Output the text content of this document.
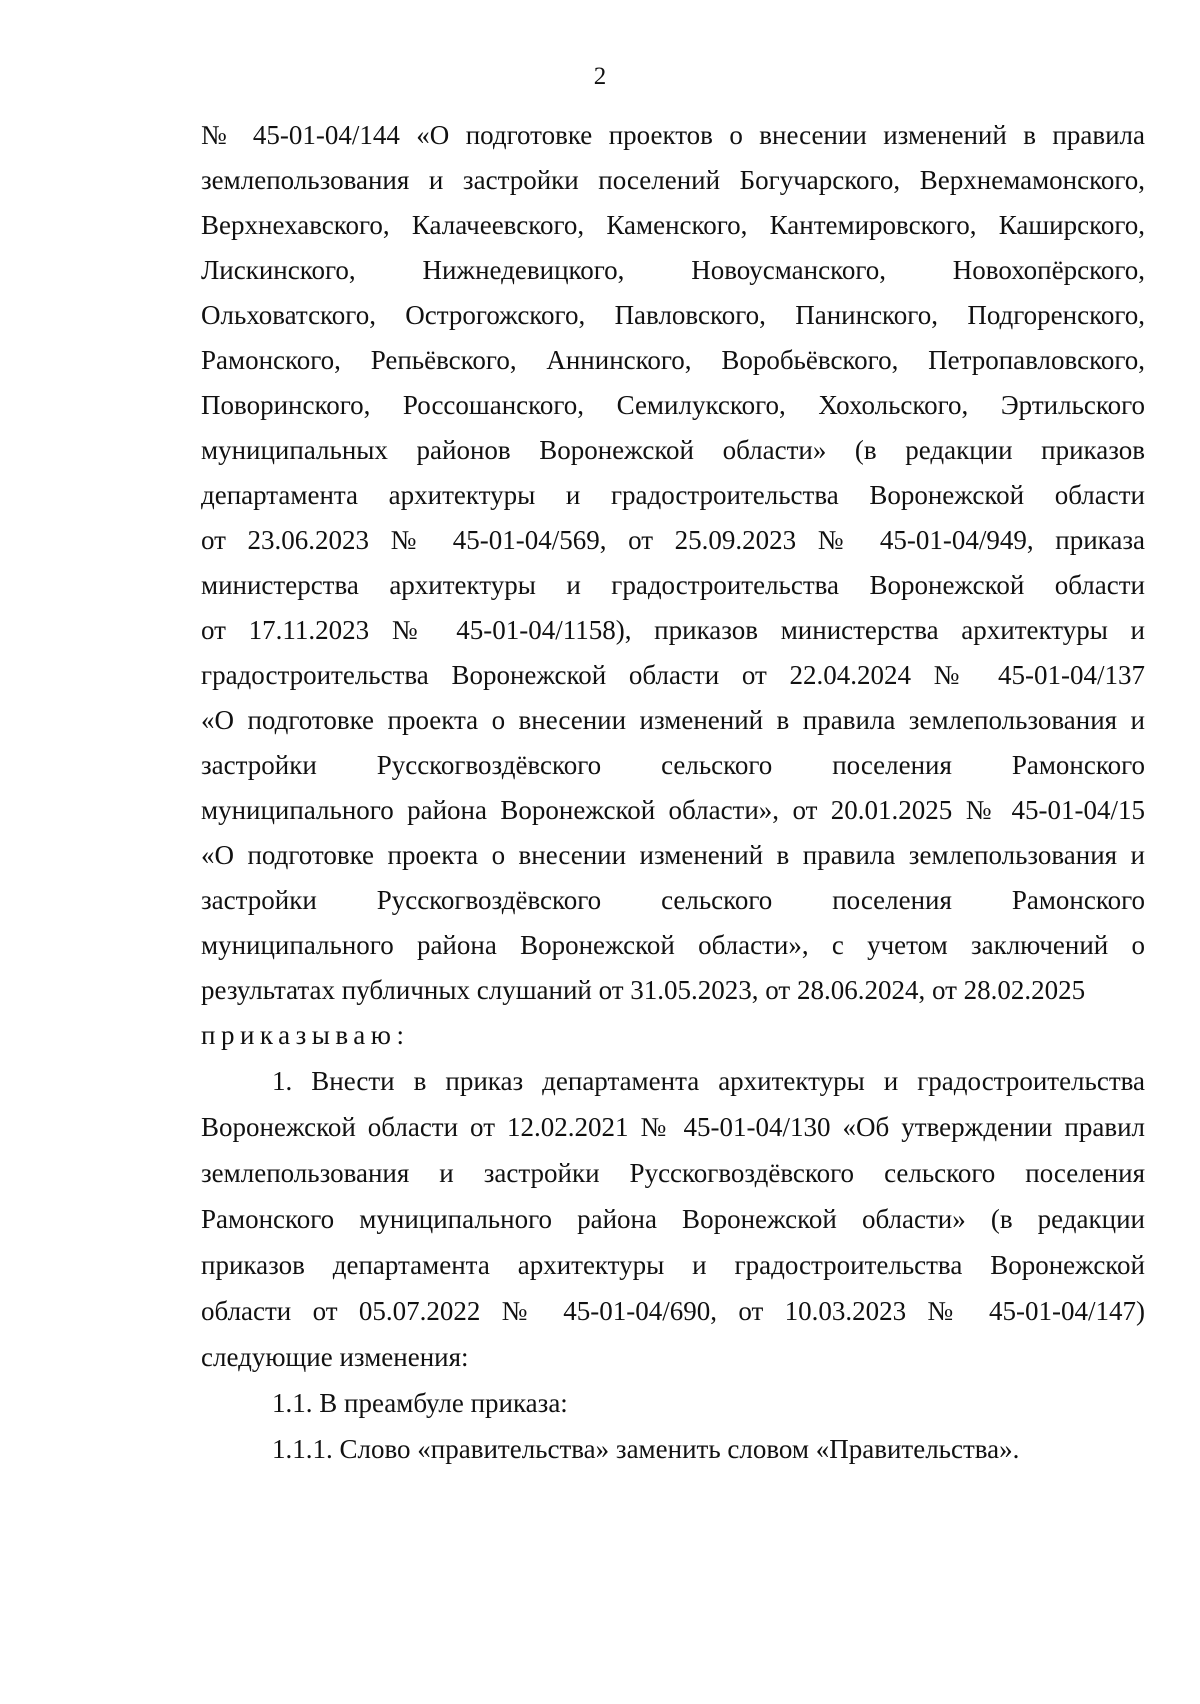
2
№ 45-01-04/144 «О подготовке проектов о внесении изменений в правила
землепользования и застройки поселений Богучарского, Верхнемамонского,
Верхнехавского, Калачеевского, Каменского, Кантемировского, Каширского,
Лискинского, Нижнедевицкого, Новоусманского, Новохопёрского,
Ольховатского, Острогожского, Павловского, Панинского, Подгоренского,
Рамонского, Репьёвского, Аннинского, Воробьёвского, Петропавловского,
Поворинского, Россошанского, Семилукского, Хохольского, Эртильского
муниципальных районов Воронежской области» (в редакции приказов
департамента архитектуры и градостроительства Воронежской области
от 23.06.2023 № 45-01-04/569, от 25.09.2023 № 45-01-04/949, приказа
министерства архитектуры и градостроительства Воронежской области
от 17.11.2023 № 45-01-04/1158), приказов министерства архитектуры и
градостроительства Воронежской области от 22.04.2024 № 45-01-04/137
«О подготовке проекта о внесении изменений в правила землепользования и
застройки Русскогвоздёвского сельского поселения Рамонского
муниципального района Воронежской области», от 20.01.2025 № 45-01-04/15
«О подготовке проекта о внесении изменений в правила землепользования и
застройки Русскогвоздёвского сельского поселения Рамонского
муниципального района Воронежской области», с учетом заключений о
результатах публичных слушаний от 31.05.2023, от 28.06.2024, от 28.02.2025
приказываю:
1. Внести в приказ департамента архитектуры и градостроительства
Воронежской области от 12.02.2021 № 45-01-04/130 «Об утверждении правил
землепользования и застройки Русскогвоздёвского сельского поселения
Рамонского муниципального района Воронежской области» (в редакции
приказов департамента архитектуры и градостроительства Воронежской
области от 05.07.2022 № 45-01-04/690, от 10.03.2023 № 45-01-04/147)
следующие изменения:
1.1. В преамбуле приказа:
1.1.1. Слово «правительства» заменить словом «Правительства».
